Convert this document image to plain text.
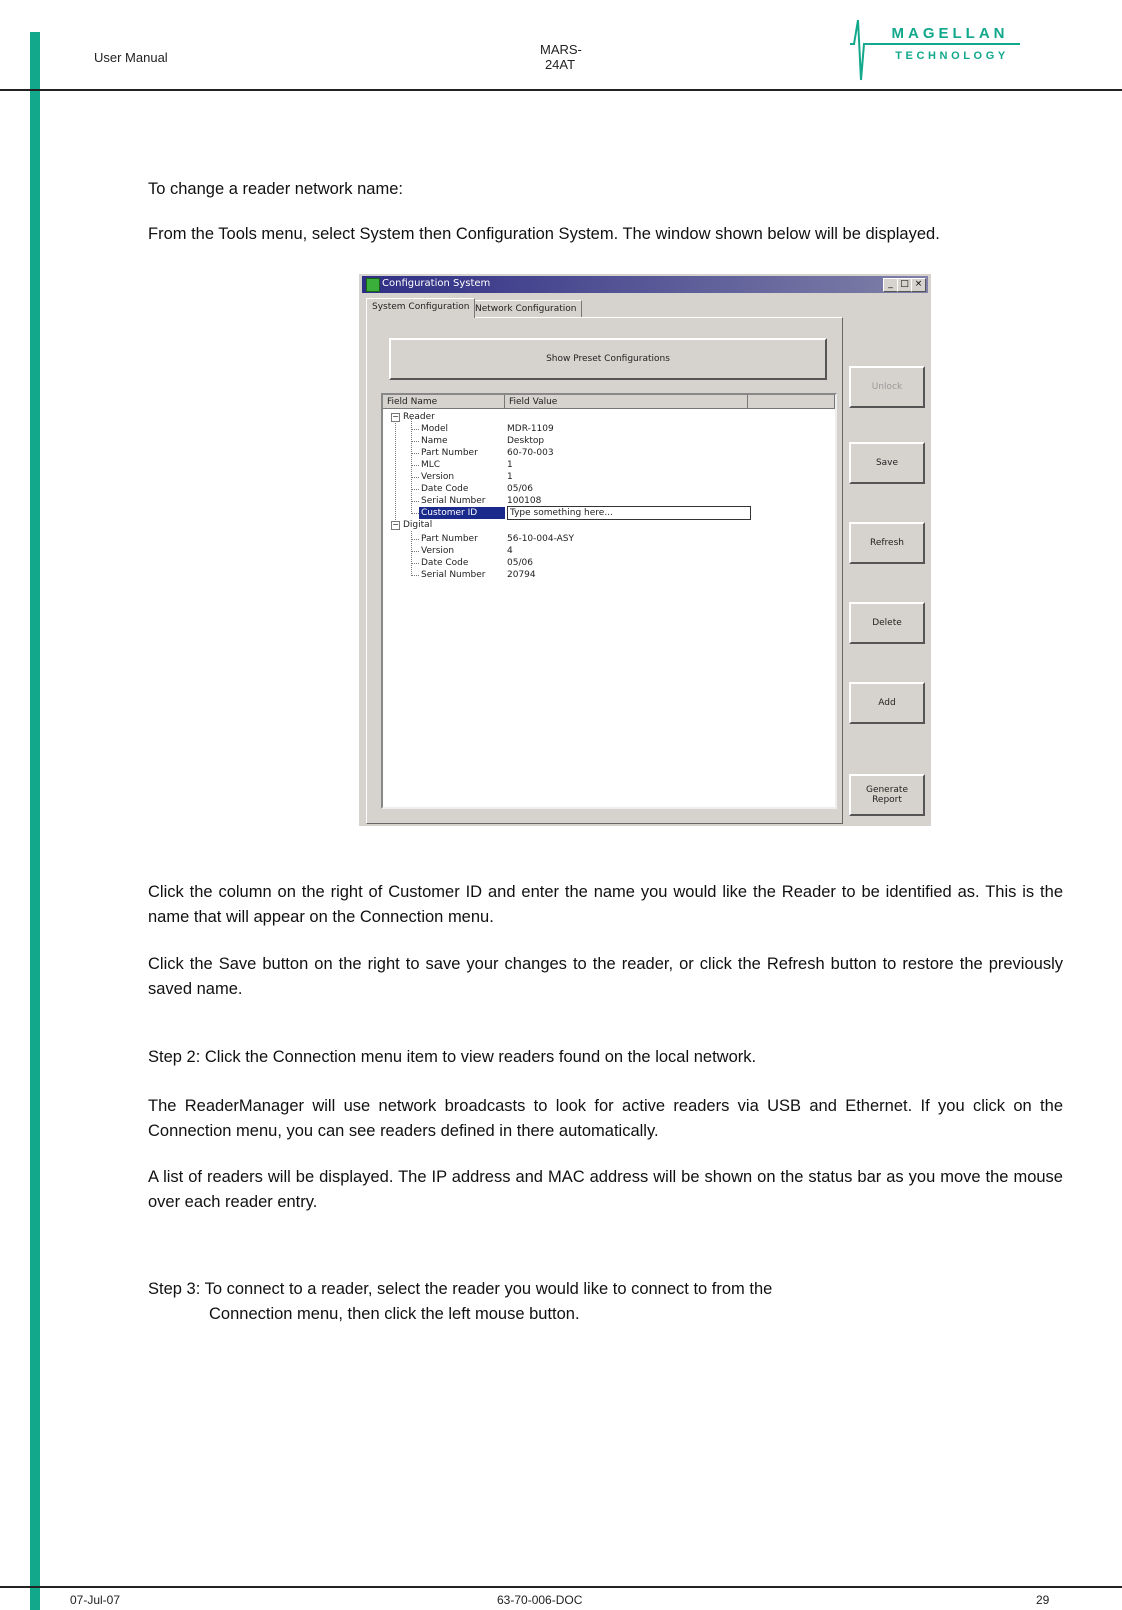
User Manual
MARS-
24AT
MAGELLAN
TECHNOLOGY
To change a reader network name:
From the Tools menu, select System then Configuration System. The window shown below will be displayed.
Configuration System	_ □ ×
System Configuration Network Configuration
Show Preset Configurations
Field Name	Field Value
− Reader
Model	MDR-1109
Name	Desktop
Part Number	60-70-003
MLC	1
Version	1
Date Code	05/06
Serial Number 100108
Customer ID	Type something here...
− Digital
Part Number	56-10-004-ASY
Version	4
Date Code	05/06
Serial Number 20794
Unlock
Save
Refresh
Delete
Add
Generate
Report
Click the column on the right of Customer ID and enter the name you would like the Reader to be identified as. This is the name that will appear on the Connection menu.
Click the Save button on the right to save your changes to the reader, or click the Refresh button to restore the previously saved name.
Step 2: Click the Connection menu item to view readers found on the local network.
The ReaderManager will use network broadcasts to look for active readers via USB and Ethernet. If you click on the Connection menu, you can see readers defined in there automatically.
A list of readers will be displayed. The IP address and MAC address will be shown on the status bar as you move the mouse over each reader entry.
Step 3: To connect to a reader, select the reader you would like to connect to from the
Connection menu, then click the left mouse button.
07-Jul-07	63-70-006-DOC	29
